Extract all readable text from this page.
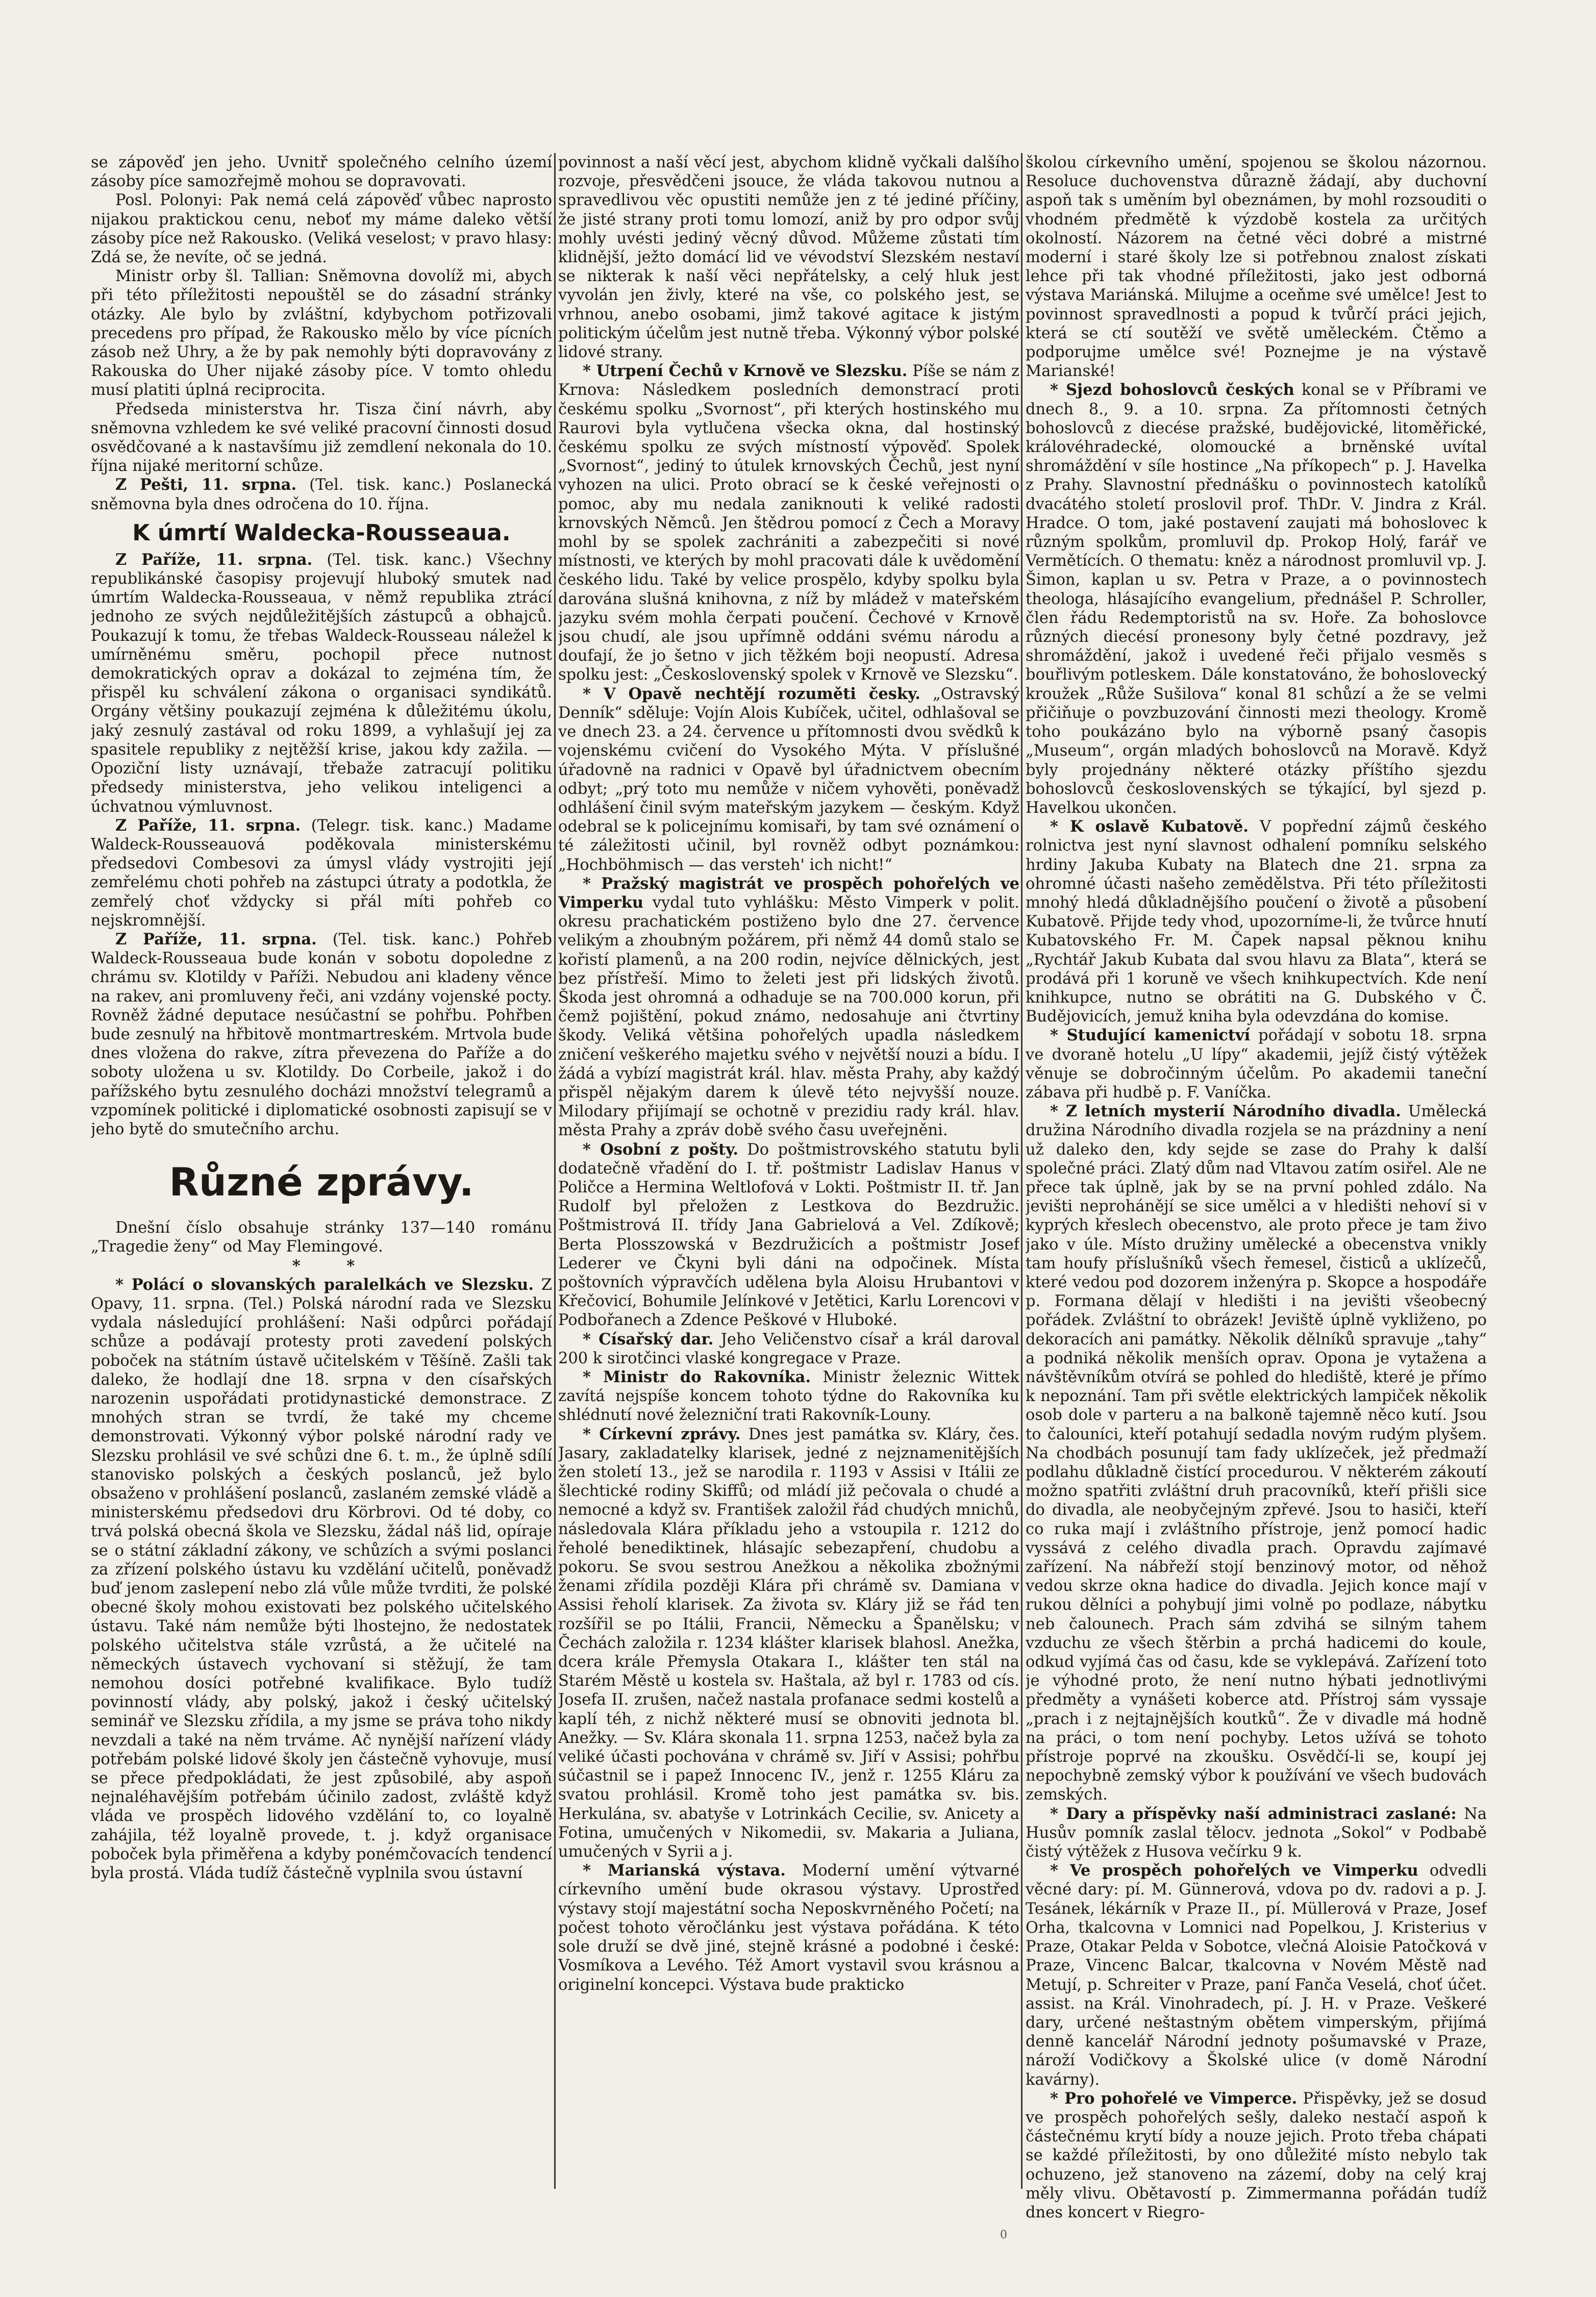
se zápověď jen jeho. Uvnitř společného celního území zásoby píce samozřejmě mohou se dopravovati.

Posl. Polonyi: Pak nemá celá zápověď vůbec naprosto nijakou praktickou cenu, neboť my máme daleko větší zásoby píce než Rakousko. (Veliká veselost; v pravo hlasy: Zdá se, že nevíte, oč se jedná.

Ministr orby šl. Tallian: Sněmovna dovolíž mi, abych při této příležitosti nepouštěl se do zásadní stránky otázky. Ale bylo by zvláštní, kdybychom potřizovali precedens pro případ, že Rakousko mělo by více pícních zásob než Uhry, a že by pak nemohly býti dopravovány z Rakouska do Uher nijaké zásoby píce. V tomto ohledu musí platiti úplná reciprocita.

Předseda ministerstva hr. Tisza činí návrh, aby sněmovna vzhledem ke své veliké pracovní činnosti dosud osvědčované a k nastavšímu již zemdlení nekonala do 10. října nijaké meritorní schůze.

Z Pešti, 11. srpna. (Tel. tisk. kanc.) Poslanecká sněmovna byla dnes odročena do 10. října.

K úmrtí Waldecka-Rousseaua.

Z Paříže, 11. srpna. (Tel. tisk. kanc.) Všechny republikánské časopisy projevují hluboký smutek nad úmrtím Waldecka-Rousseaua, v němž republika ztrácí jednoho ze svých nejdůležitějších zástupců a obhajců. Poukazují k tomu, že třebas Waldeck-Rousseau náležel k umírněnému směru, pochopil přece nutnost demokratických oprav a dokázal to zejména tím, že přispěl ku schválení zákona o organisaci syndikátů. Orgány většiny poukazují zejména k důležitému úkolu, jaký zesnulý zastával od roku 1899, a vyhlašují jej za spasitele republiky z nejtěžší krise, jakou kdy zažila. — Opoziční listy uznávají, třebaže zatracují politiku předsedy ministerstva, jeho velikou inteligenci a úchvatnou výmluvnost.

Z Paříže, 11. srpna. (Telegr. tisk. kanc.) Madame Waldeck-Rousseauová poděkovala ministerskému předsedovi Combesovi za úmysl vlády vystrojiti její zemřelému choti pohřeb na zástupci útraty a podotkla, že zemřelý choť vždycky si přál míti pohřeb co nejskromnější.

Z Paříže, 11. srpna. (Tel. tisk. kanc.) Pohřeb Waldeck-Rousseaua bude konán v sobotu dopoledne z chrámu sv. Klotildy v Paříži. Nebudou ani kladeny věnce na rakev, ani promluveny řeči, ani vzdány vojenské pocty. Rovněž žádné deputace nesúčastní se pohřbu. Pohřben bude zesnulý na hřbitově montmartreském. Mrtvola bude dnes vložena do rakve, zítra převezena do Paříže a do soboty uložena u sv. Klotildy. Do Corbeile, jakož i do pařížského bytu zesnulého docházi množství telegramů a vzpomínek politické i diplomatické osobnosti zapisují se v jeho bytě do smutečního archu.

Různé zprávy.

Dnešní číslo obsahuje stránky 137—140 románu „Tragedie ženy“ od May Flemingové.

* *

* Polácí o slovanských paralelkách ve Slezsku. Z Opavy, 11. srpna. (Tel.) Polská národní rada ve Slezsku vydala následující prohlášení: Naši odpůrci pořádají schůze a podávají protesty proti zavedení polských poboček na státním ústavě učitelském v Těšíně. Zašli tak daleko, že hodlají dne 18. srpna v den císařských narozenin uspořádati protidynastické demonstrace. Z mnohých stran se tvrdí, že také my chceme demonstrovati. Výkonný výbor polské národní rady ve Slezsku prohlásil ve své schůzi dne 6. t. m., že úplně sdílí stanovisko polských a českých poslanců, jež bylo obsaženo v prohlášení poslanců, zaslaném zemské vládě a ministerskému předsedovi dru Körbrovi. Od té doby, co trvá polská obecná škola ve Slezsku, žádal náš lid, opíraje se o státní základní zákony, ve schůzích a svými poslanci za zřízení polského ústavu ku vzdělání učitelů, poněvadž buď jenom zaslepení nebo zlá vůle může tvrditi, že polské obecné školy mohou existovati bez polského učitelského ústavu. Také nám nemůže býti lhostejno, že nedostatek polského učitelstva stále vzrůstá, a že učitelé na německých ústavech vychovaní si stěžují, že tam nemohou dosíci potřebné kvalifikace. Bylo tudíž povinností vlády, aby polský, jakož i český učitelský seminář ve Slezsku zřídila, a my jsme se práva toho nikdy nevzdali a také na něm trváme. Ač nynější nařízení vlády potřebám polské lidové školy jen částečně vyhovuje, musí se přece předpokládati, že jest způsobilé, aby aspoň nejnaléhavějším potřebám účinilo zadost, zvláště když vláda ve prospěch lidového vzdělání to, co loyalně zahájila, též loyalně provede, t. j. když organisace poboček byla přiměřena a kdyby ponémčovacích tendencí byla prostá. Vláda tudíž částečně vyplnila svou ústavní

povinnost a naší věcí jest, abychom klidně vyčkali dalšího rozvoje, přesvědčeni jsouce, že vláda takovou nutnou a spravedlivou věc opustiti nemůže jen z té jediné příčiny, že jisté strany proti tomu lomozí, aniž by pro odpor svůj mohly uvésti jediný věcný důvod. Můžeme zůstati tím klidnější, ježto domácí lid ve vévodství Slezském nestaví se nikterak k naší věci nepřátelsky, a celý hluk jest vyvolán jen živly, které na vše, co polského jest, se vrhnou, anebo osobami, jimž takové agitace k jistým politickým účelům jest nutně třeba. Výkonný výbor polské lidové strany.

* Utrpení Čechů v Krnově ve Slezsku. Píše se nám z Krnova: Následkem posledních demonstrací proti českému spolku „Svornost“, při kterých hostinského mu Raurovi byla vytlučena všecka okna, dal hostinský českému spolku ze svých místností výpověď. Spolek „Svornost“, jediný to útulek krnovských Čechů, jest nyní vyhozen na ulici. Proto obrací se k české veřejnosti o pomoc, aby mu nedala zaniknouti k veliké radosti krnovských Němců. Jen štědrou pomocí z Čech a Moravy mohl by se spolek zachrániti a zabezpečiti si nové místnosti, ve kterých by mohl pracovati dále k uvědomění českého lidu. Také by velice prospělo, kdyby spolku byla darována slušná knihovna, z níž by mládež v mateřském jazyku svém mohla čerpati poučení. Čechové v Krnově jsou chudí, ale jsou upřímně oddáni svému národu a doufají, že jo šetno v jich těžkém boji neopustí. Adresa spolku jest: „Československý spolek v Krnově ve Slezsku“.

* V Opavě nechtějí rozuměti česky. „Ostravský Denník“ sděluje: Vojín Alois Kubíček, učitel, odhlašoval se ve dnech 23. a 24. července u přítomnosti dvou svědků k vojenskému cvičení do Vysokého Mýta. V příslušné úřadovně na radnici v Opavě byl úřadnictvem obecním odbyt; „prý toto mu nemůže v ničem vyhověti, poněvadž odhlášení činil svým mateřským jazykem — českým. Když odebral se k policejnímu komisaři, by tam své oznámení o té záležitosti učinil, byl rovněž odbyt poznámkou: „Hochböhmisch — das versteh' ich nicht!“

* Pražský magistrát ve prospěch pohořelých ve Vimperku vydal tuto vyhlášku: Město Vimperk v polit. okresu prachatickém postiženo bylo dne 27. července velikým a zhoubným požárem, při němž 44 domů stalo se kořistí plamenů, a na 200 rodin, nejvíce dělnických, jest bez přístřeší. Mimo to želeti jest při lidských životů. Škoda jest ohromná a odhaduje se na 700.000 korun, při čemž pojištění, pokud známo, nedosahuje ani čtvrtiny škody. Veliká většina pohořelých upadla následkem zničení veškerého majetku svého v největší nouzi a bídu. I žádá a vybízí magistrát král. hlav. města Prahy, aby každý přispěl nějakým darem k úlevě této nejvyšší nouze. Milodary přijímají se ochotně v prezidiu rady král. hlav. města Prahy a zpráv době svého času uveřejněni.

* Osobní z pošty. Do poštmistrovského statutu byli dodatečně vřadění do I. tř. poštmistr Ladislav Hanus v Poličce a Hermina Weltlofová v Lokti. Poštmistr II. tř. Jan Rudolf byl přeložen z Lestkova do Bezdružic. Poštmistrová II. třídy Jana Gabrielová a Vel. Zdíkově; Berta Plosszowská v Bezdružicích a poštmistr Josef Lederer ve Čkyni byli dáni na odpočinek. Místa poštovních výpravčích udělena byla Aloisu Hrubantovi v Křečovicí, Bohumile Jelínkové v Jetětici, Karlu Lorencovi v Podbořanech a Zdence Peškové v Hluboké.

* Císařský dar. Jeho Veličenstvo císař a král daroval 200 k sirotčinci vlaské kongregace v Praze.

* Ministr do Rakovníka. Ministr železnic Wittek zavítá nejspíše koncem tohoto týdne do Rakovníka ku shlédnutí nové železniční trati Rakovník-Louny.

* Církevní zprávy. Dnes jest památka sv. Kláry, čes. Jasary, zakladatelky klarisek, jedné z nejznamenitějších žen století 13., jež se narodila r. 1193 v Assisi v Itálii ze šlechtické rodiny Skiffů; od mládí již pečovala o chudé a nemocné a když sv. František založil řád chudých mnichů, následovala Klára příkladu jeho a vstoupila r. 1212 do řeholé benediktinek, hlásajíc sebezapření, chudobu a pokoru. Se svou sestrou Anežkou a několika zbožnými ženami zřídila později Klára při chrámě sv. Damiana v Assisi řeholí klarisek. Za života sv. Kláry již se řád ten rozšířil se po Itálii, Francii, Německu a Španělsku; v Čechách založila r. 1234 klášter klarisek blahosl. Anežka, dcera krále Přemysla Otakara I., klášter ten stál na Starém Městě u kostela sv. Haštala, až byl r. 1783 od cís. Josefa II. zrušen, načež nastala profanace sedmi kostelů a kaplí téh, z nichž některé musí se obnoviti jednota bl. Anežky. — Sv. Klára skonala 11. srpna 1253, načež byla za veliké účasti pochována v chrámě sv. Jiří v Assisi; pohřbu súčastnil se i papež Innocenc IV., jenž r. 1255 Kláru za svatou prohlásil. Kromě toho jest památka sv. bis. Herkulána, sv. abatyše v Lotrinkách Cecilie, sv. Anicety a Fotina, umučených v Nikomedii, sv. Makaria a Juliana, umučených v Syrii a j.

* Marianská výstava. Moderní umění výtvarné církevního umění bude okrasou výstavy. Uprostřed výstavy stojí majestátní socha Neposkvrněného Početí; na počest tohoto věročlánku jest výstava pořádána. K této sole druží se dvě jiné, stejně krásné a podobné i české: Vosmíkova a Levého. Též Amort vystavil svou krásnou a originelní koncepci. Výstava bude prakticko

školou církevního umění, spojenou se školou názornou. Resoluce duchovenstva důrazně žádají, aby duchovní aspoň tak s uměním byl obeznámen, by mohl rozsouditi o vhodném předmětě k výzdobě kostela za určitých okolností. Názorem na četné věci dobré a mistrné moderní i staré školy lze si potřebnou znalost získati lehce při tak vhodné příležitosti, jako jest odborná výstava Mariánská. Milujme a oceňme své umělce! Jest to povinnost spravedlnosti a popud k tvůrčí práci jejich, která se ctí soutěží ve světě uměleckém. Čtěmo a podporujme umělce své! Poznejme je na výstavě Marianské!

* Sjezd bohoslovců českých konal se v Příbrami ve dnech 8., 9. a 10. srpna. Za přítomnosti četných bohoslovců z diecése pražské, budějovické, litoměřické, královéhradecké, olomoucké a brněnské uvítal shromáždění v síle hostince „Na příkopech“ p. J. Havelka z Prahy. Slavnostní přednášku o povinnostech katolíků dvacátého století proslovil prof. ThDr. V. Jindra z Král. Hradce. O tom, jaké postavení zaujati má bohoslovec k různým spolkům, promluvil dp. Prokop Holý, farář ve Vermětících. O thematu: kněz a národnost promluvil vp. J. Šimon, kaplan u sv. Petra v Praze, a o povinnostech theologa, hlásajícího evangelium, přednášel P. Schroller, člen řádu Redemptoristů na sv. Hoře. Za bohoslovce různých diecésí pronesony byly četné pozdravy, jež shromáždění, jakož i uvedené řeči přijalo vesměs s bouřlivým potleskem. Dále konstatováno, že bohoslovecký kroužek „Růže Sušilova“ konal 81 schůzí a že se velmi přičiňuje o povzbuzování činnosti mezi theology. Kromě toho poukázáno bylo na výborně psaný časopis „Museum“, orgán mladých bohoslovců na Moravě. Když byly projednány některé otázky příštího sjezdu bohoslovců československých se týkající, byl sjezd p. Havelkou ukončen.

* K oslavě Kubatově. V popřední zájmů českého rolnictva jest nyní slavnost odhalení pomníku selského hrdiny Jakuba Kubaty na Blatech dne 21. srpna za ohromné účasti našeho zemědělstva. Při této příležitosti mnohý hledá důkladnějšího poučení o životě a působení Kubatově. Přijde tedy vhod, upozorníme-li, že tvůrce hnutí Kubatovského Fr. M. Čapek napsal pěknou knihu „Rychtář Jakub Kubata dal svou hlavu za Blata“, která se prodává při 1 koruně ve všech knihkupectvích. Kde není knihkupce, nutno se obrátiti na G. Dubského v Č. Budějovicích, jemuž kniha byla odevzdána do komise.

* Studující kamenictví pořádají v sobotu 18. srpna ve dvoraně hotelu „U lípy“ akademii, jejíž čistý výtěžek věnuje se dobročinným účelům. Po akademii taneční zábava při hudbě p. F. Vaníčka.

* Z letních mysterií Národního divadla. Umělecká družina Národního divadla rozjela se na prázdniny a není už daleko den, kdy sejde se zase do Prahy k další společné práci. Zlatý dům nad Vltavou zatím osiřel. Ale ne přece tak úplně, jak by se na první pohled zdálo. Na jevišti neprohánějí se sice umělci a v hledišti nehoví si v kyprých křeslech obecenstvo, ale proto přece je tam živo jako v úle. Místo družiny umělecké a obecenstva vnikly tam houfy příslušníků všech řemesel, čisticů a uklízečů, které vedou pod dozorem inženýra p. Skopce a hospodáře p. Formana dělají v hledišti i na jevišti všeobecný pořádek. Zvláštní to obrázek! Jeviště úplně vykliženo, po dekoracích ani památky. Několik dělníků spravuje „tahy“ a podniká několik menších oprav. Opona je vytažena a návštěvníkům otvírá se pohled do hlediště, které je přímo k nepoznání. Tam při světle elektrických lampiček několik osob dole v parteru a na balkoně tajemně něco kutí. Jsou to čalouníci, kteří potahují sedadla novým rudým plyšem. Na chodbách posunují tam fady uklízeček, jež předmaží podlahu důkladně čistící procedurou. V některém zákoutí možno spatřiti zvláštní druh pracovníků, kteří přišli sice do divadla, ale neobyčejným zpřevé. Jsou to hasiči, kteří co ruka mají i zvláštního přístroje, jenž pomocí hadic vyssává z celého divadla prach. Opravdu zajímavé zařízení. Na nábřeží stojí benzinový motor, od něhož vedou skrze okna hadice do divadla. Jejich konce mají v rukou dělníci a pohybují jimi volně po podlaze, nábytku neb čalounech. Prach sám zdvihá se silným tahem vzduchu ze všech štěrbin a prchá hadicemi do koule, odkud vyjímá čas od času, kde se vyklepává. Zařízení toto je výhodné proto, že není nutno hýbati jednotlivými předměty a vynášeti koberce atd. Přístroj sám vyssaje „prach i z nejtajnějších koutků“. Že v divadle má hodně na práci, o tom není pochyby. Letos užívá se tohoto přístroje poprvé na zkoušku. Osvědčí-li se, koupí jej nepochybně zemský výbor k používání ve všech budovách zemských.

* Dary a příspěvky naší administraci zaslané: Na Husův pomník zaslal tělocv. jednota „Sokol“ v Podbabě čistý výtěžek z Husova večírku 9 k.

* Ve prospěch pohořelých ve Vimperku odvedli věcné dary: pí. M. Günnerová, vdova po dv. radovi a p. J. Tesánek, lékárník v Praze II., pí. Müllerová v Praze, Josef Orha, tkalcovna v Lomnici nad Popelkou, J. Kristerius v Praze, Otakar Pelda v Sobotce, vlečná Aloisie Patočková v Praze, Vincenc Balcar, tkalcovna v Novém Městě nad Metují, p. Schreiter v Praze, paní Fanča Veselá, choť účet. assist. na Král. Vinohradech, pí. J. H. v Praze. Veškeré dary, určené neštastným obětem vimperským, přijímá denně kancelář Národní jednoty pošumavské v Praze, nároží Vodičkovy a Školské ulice (v domě Národní kavárny).

* Pro pohořelé ve Vimperce. Přispěvky, jež se dosud ve prospěch pohořelých sešly, daleko nestačí aspoň k částečnému krytí bídy a nouze jejich. Proto třeba chápati se každé příležitosti, by ono důležité místo nebylo tak ochuzeno, jež stanoveno na zázemí, doby na celý kraj měly vlivu. Obětavostí p. Zimmermanna pořádán tudíž dnes koncert v Riegro-

0
